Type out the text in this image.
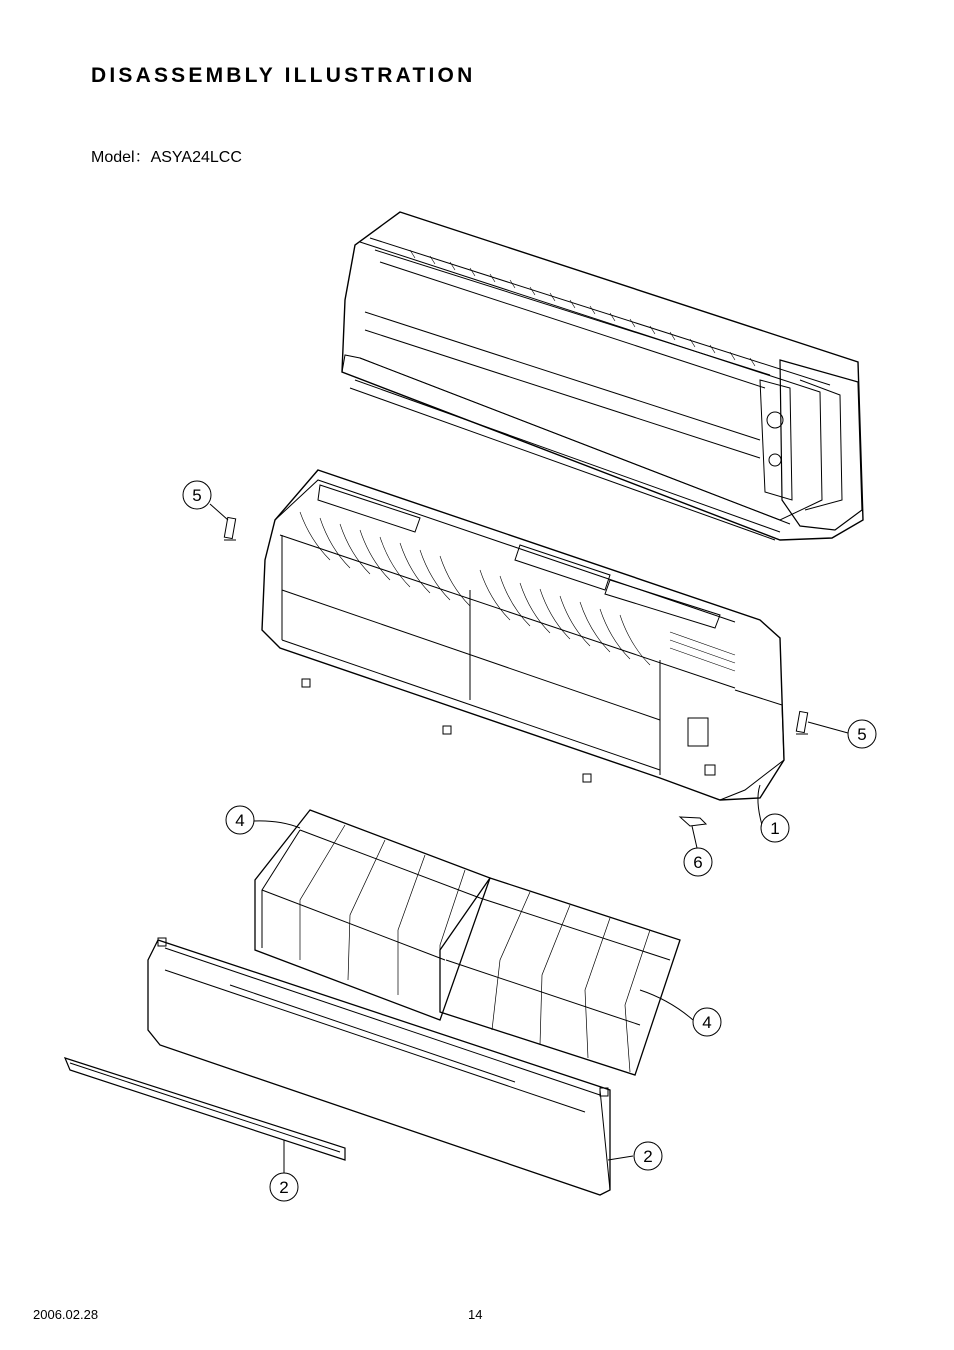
DISASSEMBLY ILLUSTRATION
Model：ASYA24LCC
5
5
1
4
6
4
2
2
2006.02.28	14
